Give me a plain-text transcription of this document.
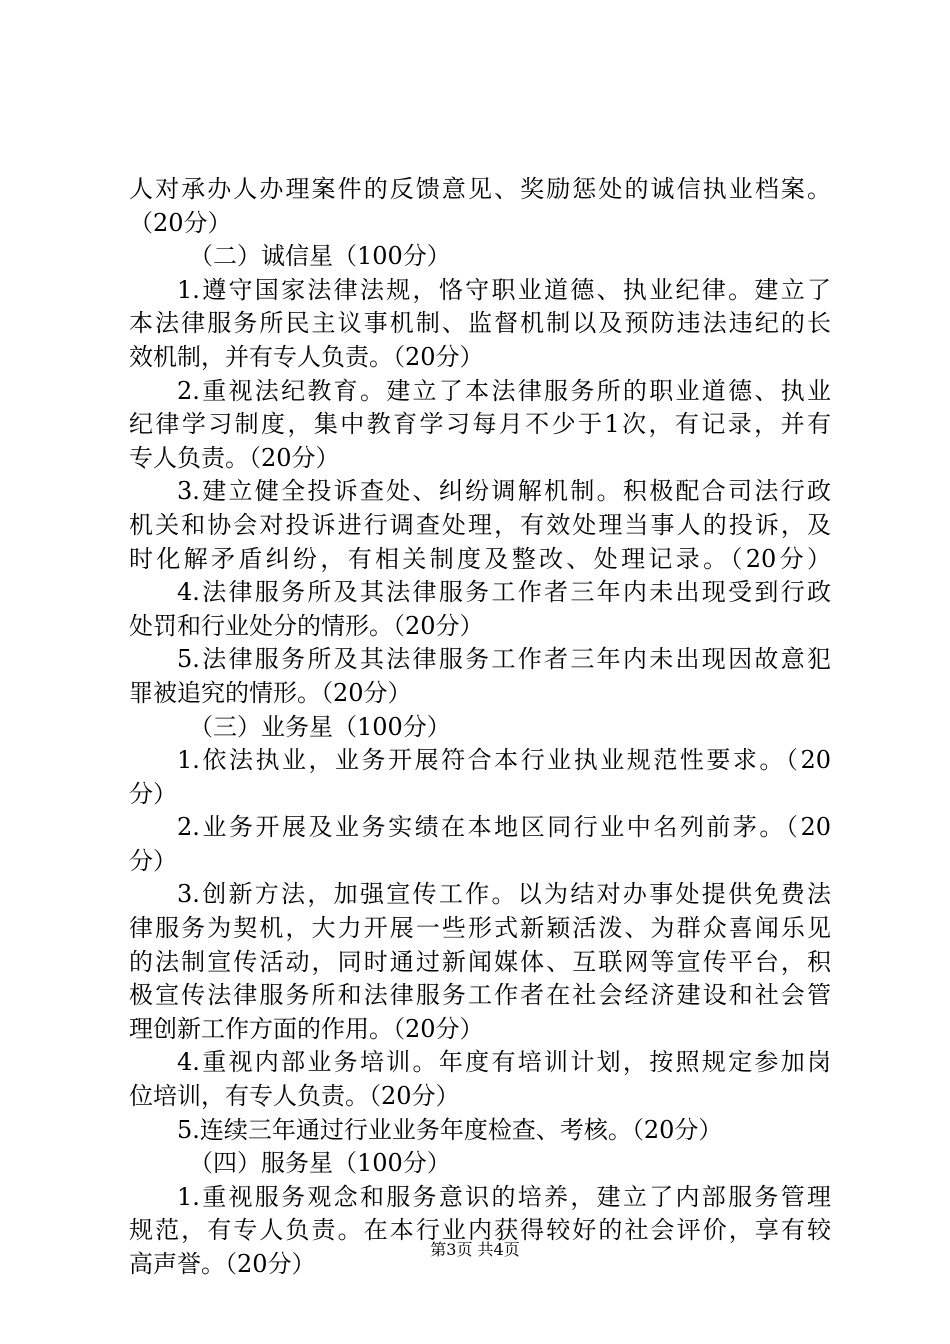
人对承办人办理案件的反馈意见、奖励惩处的诚信执业档案。
（20分）
（二）诚信星（100分）
1.遵守国家法律法规，恪守职业道德、执业纪律。建立了
本法律服务所民主议事机制、监督机制以及预防违法违纪的长
效机制，并有专人负责。（20分）
2.重视法纪教育。建立了本法律服务所的职业道德、执业
纪律学习制度，集中教育学习每月不少于1次，有记录，并有
专人负责。（20分）
3.建立健全投诉查处、纠纷调解机制。积极配合司法行政
机关和协会对投诉进行调查处理，有效处理当事人的投诉，及
时化解矛盾纠纷，有相关制度及整改、处理记录。（20分）
4.法律服务所及其法律服务工作者三年内未出现受到行政
处罚和行业处分的情形。（20分）
5.法律服务所及其法律服务工作者三年内未出现因故意犯
罪被追究的情形。（20分）
（三）业务星（100分）
1.依法执业，业务开展符合本行业执业规范性要求。（20
分）
2.业务开展及业务实绩在本地区同行业中名列前茅。（20
分）
3.创新方法，加强宣传工作。以为结对办事处提供免费法
律服务为契机，大力开展一些形式新颖活泼、为群众喜闻乐见
的法制宣传活动，同时通过新闻媒体、互联网等宣传平台，积
极宣传法律服务所和法律服务工作者在社会经济建设和社会管
理创新工作方面的作用。（20分）
4.重视内部业务培训。年度有培训计划，按照规定参加岗
位培训，有专人负责。（20分）
5.连续三年通过行业业务年度检查、考核。（20分）
（四）服务星（100分）
1.重视服务观念和服务意识的培养，建立了内部服务管理
规范，有专人负责。在本行业内获得较好的社会评价，享有较
高声誉。（20分）
第3页 共4页
